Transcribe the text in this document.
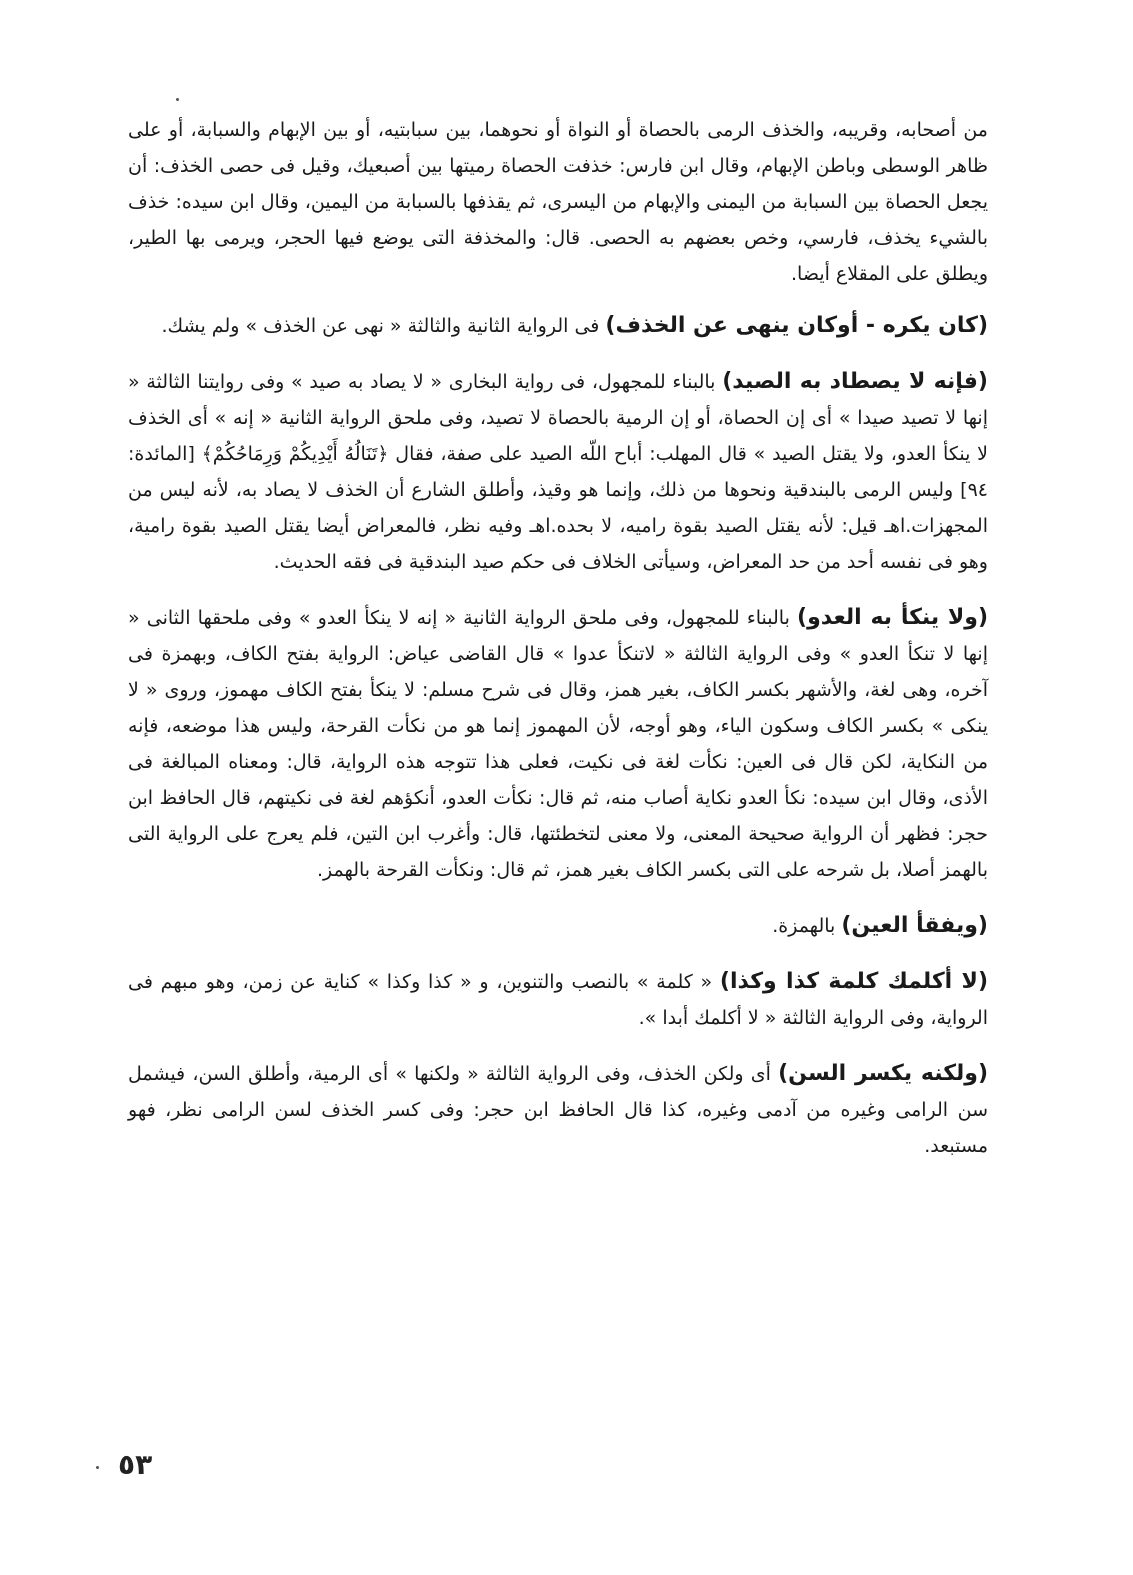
من أصحابه، وقريبه، والخذف الرمى بالحصاة أو النواة أو نحوهما، بين سبابتيه، أو بين الإبهام والسبابة، أو على ظاهر الوسطى وباطن الإبهام، وقال ابن فارس: خذفت الحصاة رميتها بين أصبعيك، وقيل فى حصى الخذف: أن يجعل الحصاة بين السبابة من اليمنى والإبهام من اليسرى، ثم يقذفها بالسبابة من اليمين، وقال ابن سيده: خذف بالشيء يخذف، فارسي، وخص بعضهم به الحصى. قال: والمخذفة التى يوضع فيها الحجر، ويرمى بها الطير، ويطلق على المقلاع أيضا.

(كان يكره - أوكان ينهى عن الخذف) فى الرواية الثانية والثالثة « نهى عن الخذف » ولم يشك.

(فإنه لا يصطاد به الصيد) بالبناء للمجهول، فى رواية البخارى « لا يصاد به صيد » وفى روايتنا الثالثة « إنها لا تصيد صيدا » أى إن الحصاة، أو إن الرمية بالحصاة لا تصيد، وفى ملحق الرواية الثانية « إنه » أى الخذف لا ينكأ العدو، ولا يقتل الصيد » قال المهلب: أباح اللّه الصيد على صفة، فقال ﴿تَنَالُهُ أَيْدِيكُمْ وَرِمَاحُكُمْ﴾ [المائدة: ٩٤] وليس الرمى بالبندقية ونحوها من ذلك، وإنما هو وقيذ، وأطلق الشارع أن الخذف لا يصاد به، لأنه ليس من المجهزات.اهـ قيل: لأنه يقتل الصيد بقوة راميه، لا بحده.اهـ وفيه نظر، فالمعراض أيضا يقتل الصيد بقوة رامية، وهو فى نفسه أحد من حد المعراض، وسيأتى الخلاف فى حكم صيد البندقية فى فقه الحديث.

(ولا ينكأ به العدو) بالبناء للمجهول، وفى ملحق الرواية الثانية « إنه لا ينكأ العدو » وفى ملحقها الثانى « إنها لا تنكأ العدو » وفى الرواية الثالثة « لاتنكأ عدوا » قال القاضى عياض: الرواية بفتح الكاف، وبهمزة فى آخره، وهى لغة، والأشهر بكسر الكاف، بغير همز، وقال فى شرح مسلم: لا ينكأ بفتح الكاف مهموز، وروى « لا ينكى » بكسر الكاف وسكون الياء، وهو أوجه، لأن المهموز إنما هو من نكأت القرحة، وليس هذا موضعه، فإنه من النكاية، لكن قال فى العين: نكأت لغة فى نكيت، فعلى هذا تتوجه هذه الرواية، قال: ومعناه المبالغة فى الأذى، وقال ابن سيده: نكأ العدو نكاية أصاب منه، ثم قال: نكأت العدو، أنكؤهم لغة فى نكيتهم، قال الحافظ ابن حجر: فظهر أن الرواية صحيحة المعنى، ولا معنى لتخطئتها، قال: وأغرب ابن التين، فلم يعرج على الرواية التى بالهمز أصلا، بل شرحه على التى بكسر الكاف بغير همز، ثم قال: ونكأت القرحة بالهمز.

(ويفقأ العين) بالهمزة.

(لا أكلمك كلمة كذا وكذا) « كلمة » بالنصب والتنوين، و « كذا وكذا » كناية عن زمن، وهو مبهم فى الرواية، وفى الرواية الثالثة « لا أكلمك أبدا ».

(ولكنه يكسر السن) أى ولكن الخذف، وفى الرواية الثالثة « ولكنها » أى الرمية، وأطلق السن، فيشمل سن الرامى وغيره من آدمى وغيره، كذا قال الحافظ ابن حجر: وفى كسر الخذف لسن الرامى نظر، فهو مستبعد.

٥٣
